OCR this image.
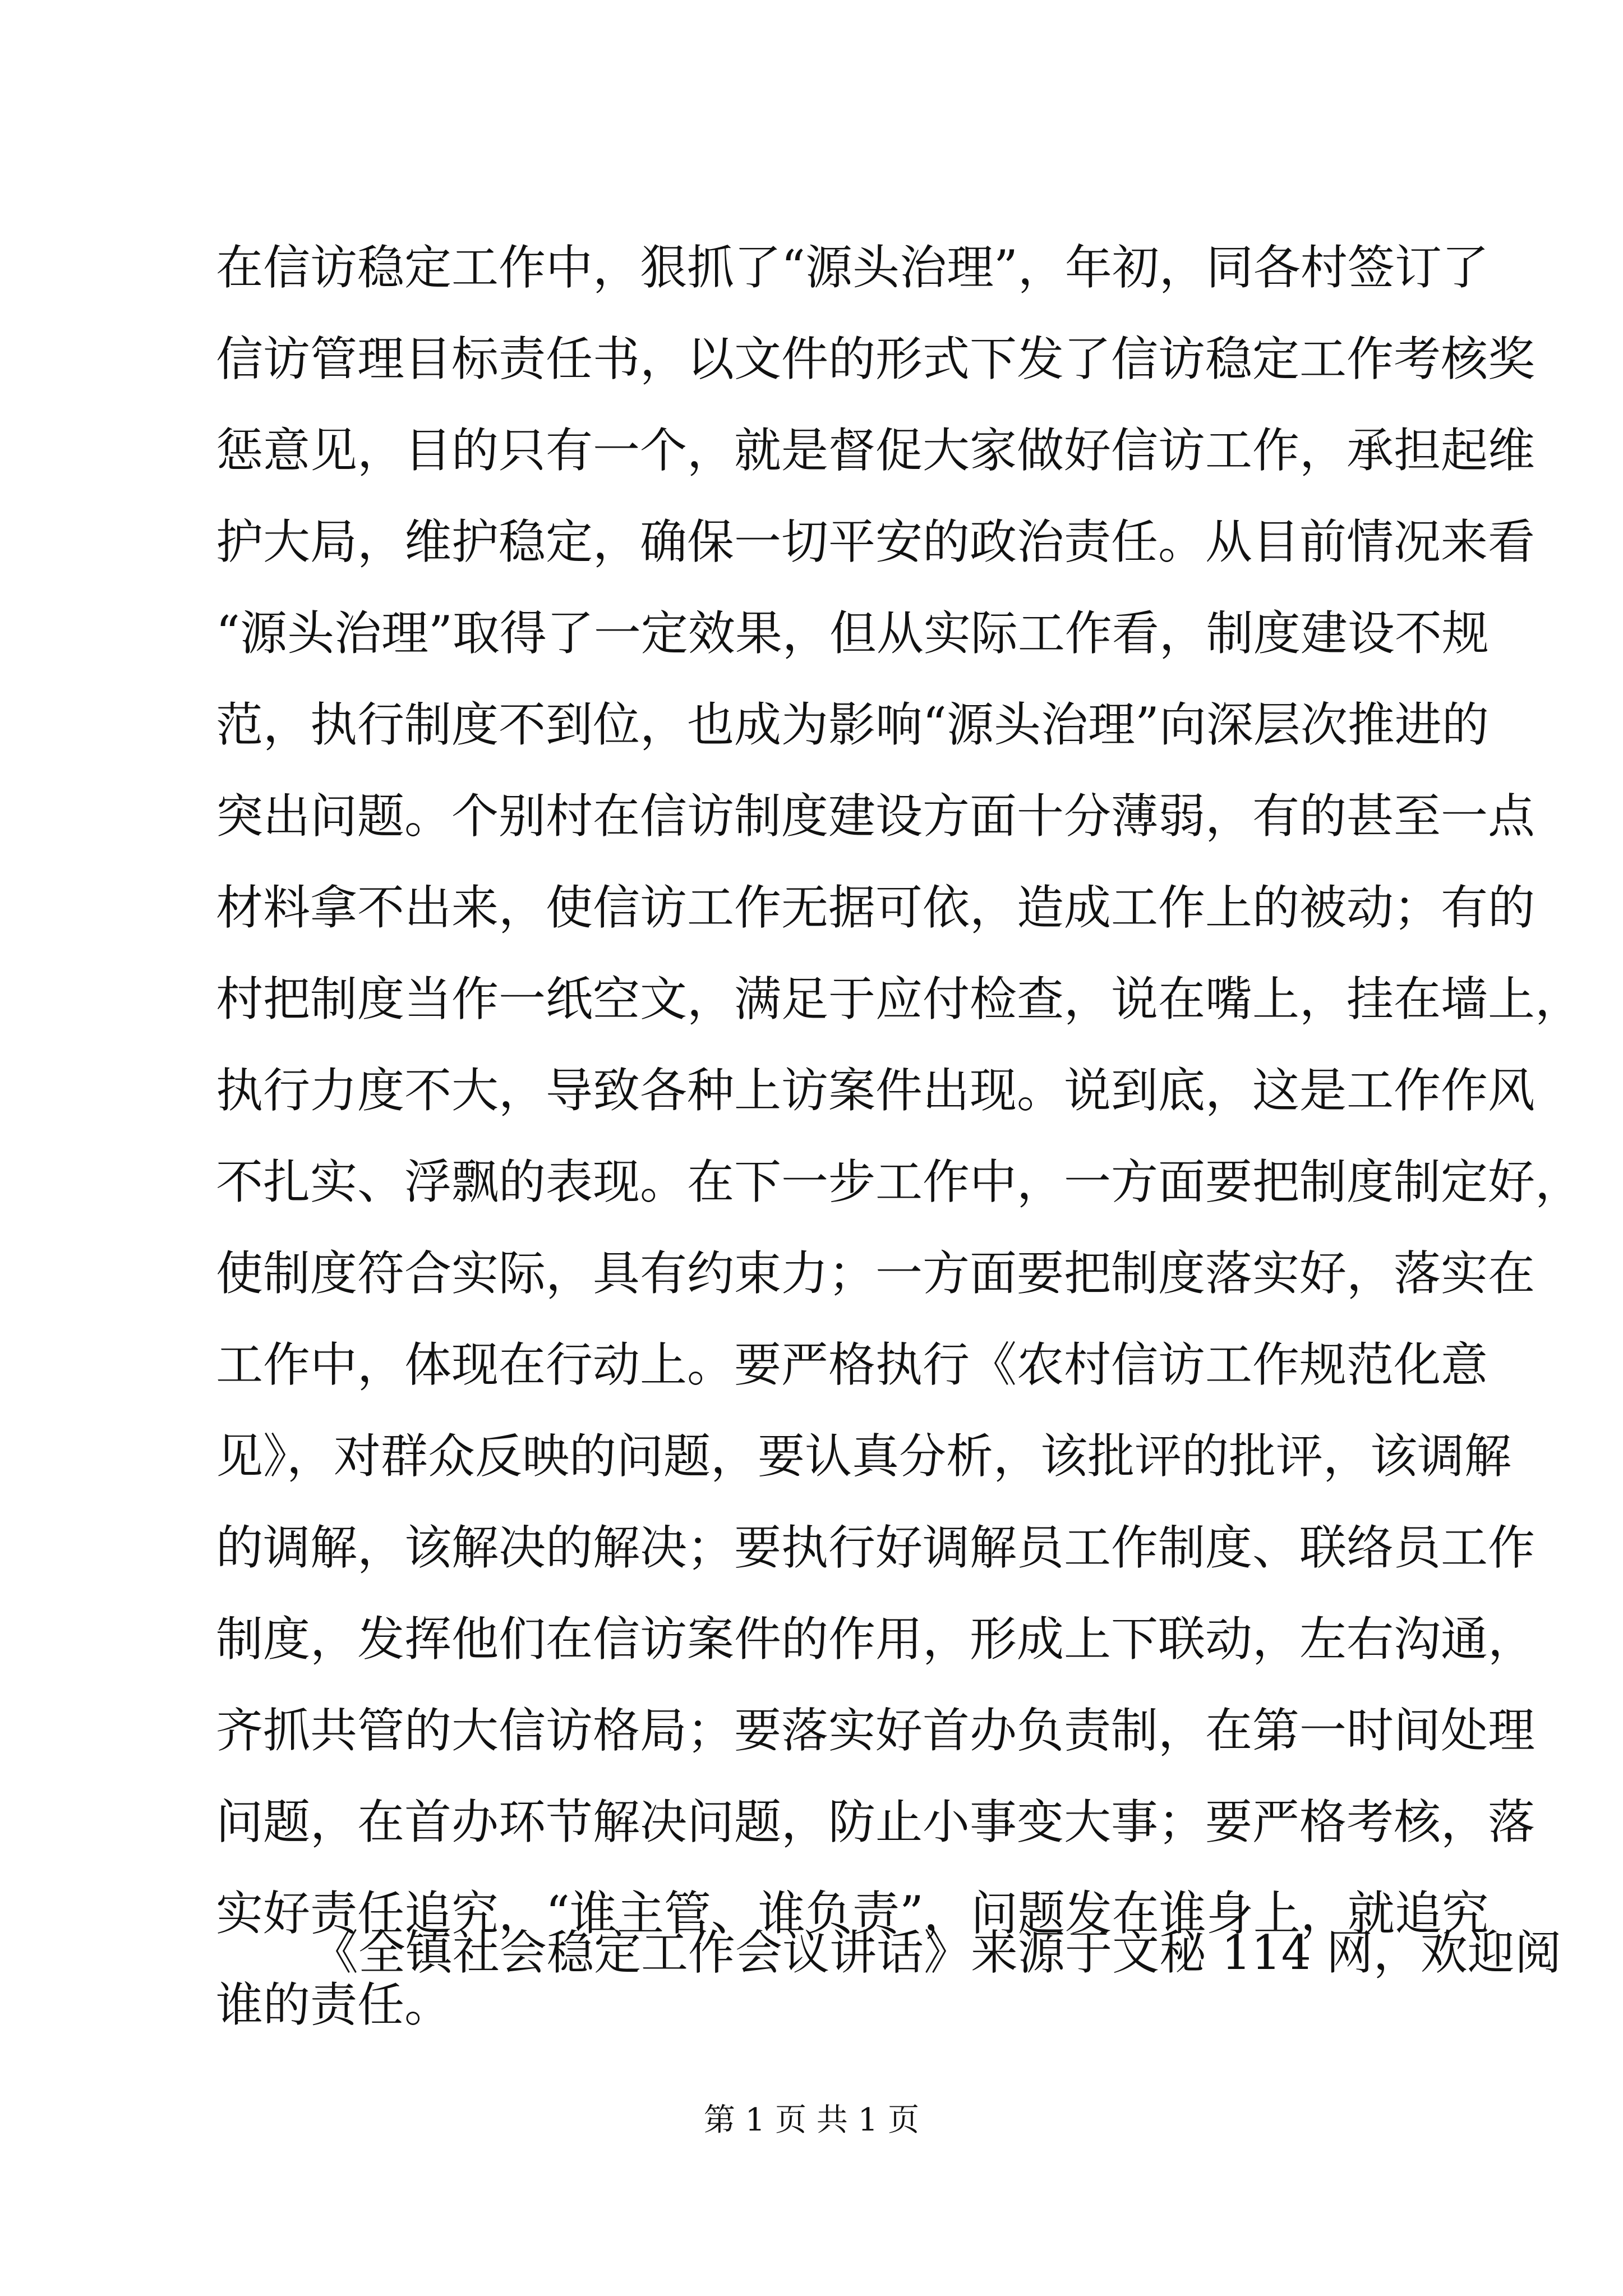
在信访稳定工作中，狠抓了“源头治理”，年初，同各村签订了
信访管理目标责任书，以文件的形式下发了信访稳定工作考核奖
惩意见，目的只有一个，就是督促大家做好信访工作，承担起维
护大局，维护稳定，确保一切平安的政治责任。从目前情况来看
“源头治理”取得了一定效果，但从实际工作看，制度建设不规
范，执行制度不到位，也成为影响“源头治理”向深层次推进的
突出问题。个别村在信访制度建设方面十分薄弱，有的甚至一点
材料拿不出来，使信访工作无据可依，造成工作上的被动；有的
村把制度当作一纸空文，满足于应付检查，说在嘴上，挂在墙上，
执行力度不大，导致各种上访案件出现。说到底，这是工作作风
不扎实、浮飘的表现。在下一步工作中，一方面要把制度制定好，
使制度符合实际，具有约束力；一方面要把制度落实好，落实在
工作中，体现在行动上。要严格执行《农村信访工作规范化意
见》，对群众反映的问题，要认真分析，该批评的批评，该调解
的调解，该解决的解决；要执行好调解员工作制度、联络员工作
制度，发挥他们在信访案件的作用，形成上下联动，左右沟通，
齐抓共管的大信访格局；要落实好首办负责制，在第一时间处理
问题，在首办环节解决问题，防止小事变大事；要严格考核，落
实好责任追究，“谁主管、谁负责”，问题发在谁身上，就追究
谁的责任。
《全镇社会稳定工作会议讲话》来源于文秘 114 网，欢迎阅
第 1 页 共 1 页
